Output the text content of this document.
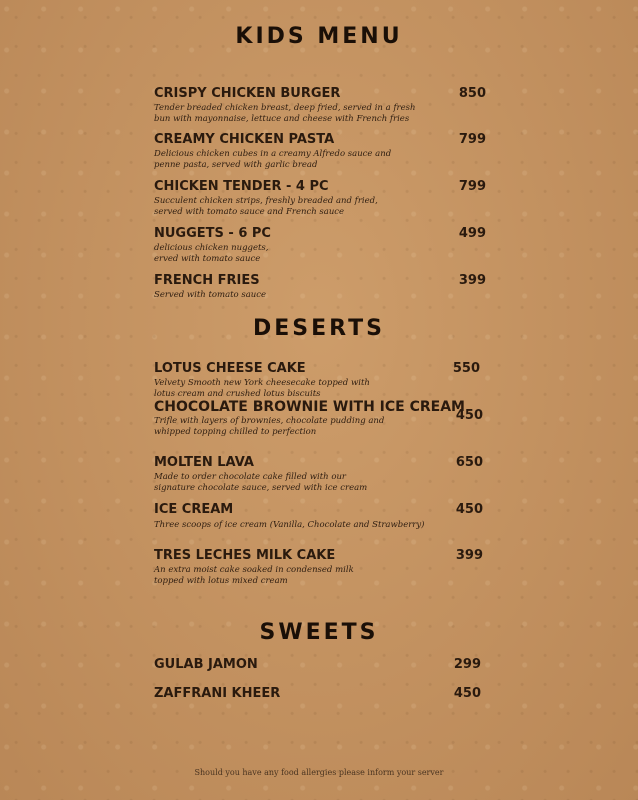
KIDS MENU
CRISPY CHICKEN BURGER	850
Tender breaded chicken breast, deep fried, served in a fresh
bun with mayonnaise, lettuce and cheese with French fries
CREAMY CHICKEN PASTA	799
Delicious chicken cubes in a creamy Alfredo sauce and
penne pasta, served with garlic bread
CHICKEN TENDER - 4 PC	799
Succulent chicken strips, freshly breaded and fried,
served with tomato sauce and French sauce
NUGGETS - 6 PC	499
delicious chicken nuggets,
erved with tomato sauce
FRENCH FRIES	399
Served with tomato sauce
DESERTS
LOTUS CHEESE CAKE	550
Velvety Smooth new York cheesecake topped with
lotus cream and crushed lotus biscuits
CHOCOLATE BROWNIE WITH ICE CREAM
450
Trifle with layers of brownies, chocolate pudding and
whipped topping chilled to perfection
MOLTEN LAVA	650
Made to order chocolate cake filled with our
signature chocolate sauce, served with ice cream
ICE CREAM	450
Three scoops of ice cream (Vanilla, Chocolate and Strawberry)
TRES LECHES MILK CAKE	399
An extra moist cake soaked in condensed milk
topped with lotus mixed cream
SWEETS
GULAB JAMON	299
ZAFFRANI KHEER	450
Should you have any food allergies please inform your server
